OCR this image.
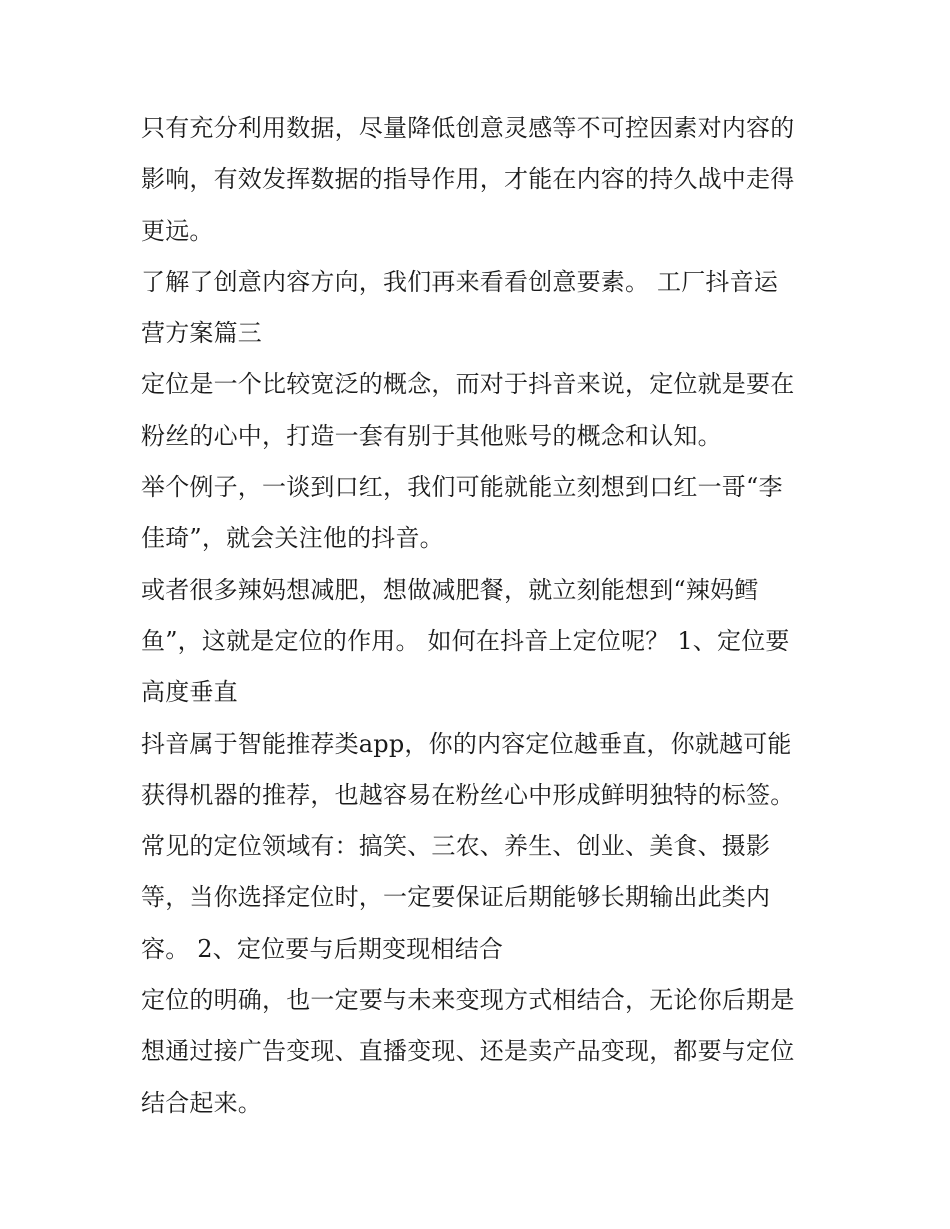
只有充分利用数据，尽量降低创意灵感等不可控因素对内容的
影响，有效发挥数据的指导作用，才能在内容的持久战中走得
更远。
了解了创意内容方向，我们再来看看创意要素。 工厂抖音运
营方案篇三
定位是一个比较宽泛的概念，而对于抖音来说，定位就是要在
粉丝的心中，打造一套有别于其他账号的概念和认知。
举个例子，一谈到口红，我们可能就能立刻想到口红一哥“李
佳琦”，就会关注他的抖音。
或者很多辣妈想减肥，想做减肥餐，就立刻能想到“辣妈鳕
鱼”，这就是定位的作用。 如何在抖音上定位呢？ 1、定位要
高度垂直
抖音属于智能推荐类app，你的内容定位越垂直，你就越可能
获得机器的推荐，也越容易在粉丝心中形成鲜明独特的标签。
常见的定位领域有：搞笑、三农、养生、创业、美食、摄影
等，当你选择定位时，一定要保证后期能够长期输出此类内
容。 2、定位要与后期变现相结合
定位的明确，也一定要与未来变现方式相结合，无论你后期是
想通过接广告变现、直播变现、还是卖产品变现，都要与定位
结合起来。
